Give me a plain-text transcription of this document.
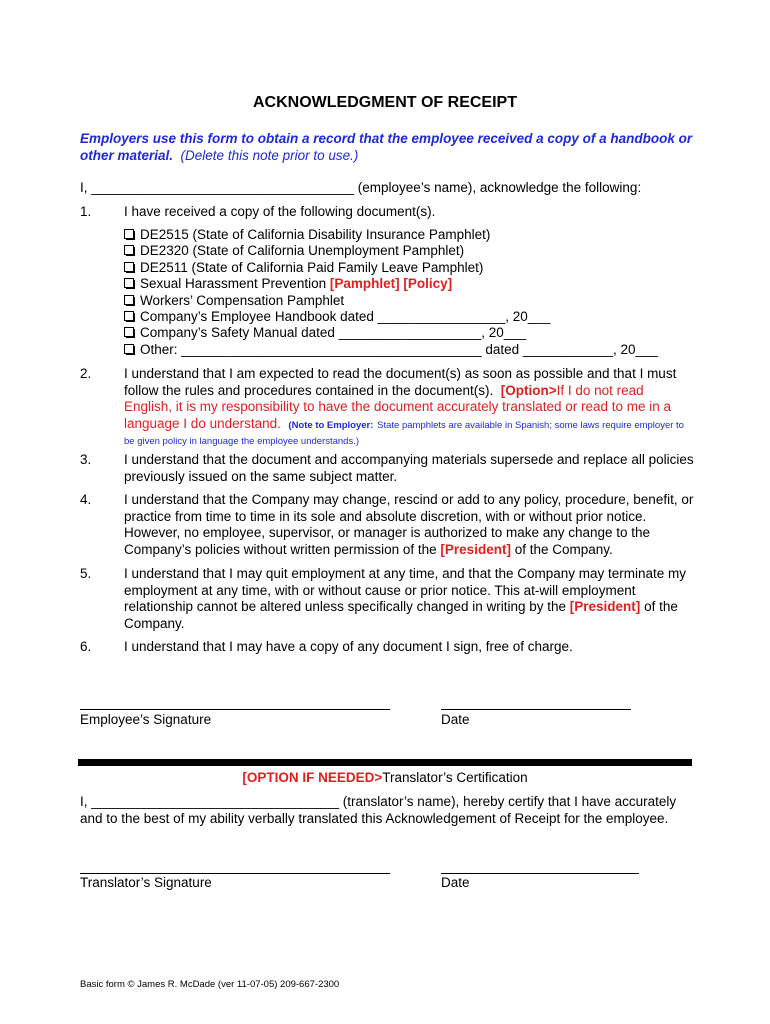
ACKNOWLEDGMENT OF RECEIPT
Employers use this form to obtain a record that the employee received a copy of a handbook or other material. (Delete this note prior to use.)
I, ___________________________________ (employee’s name), acknowledge the following:
1. I have received a copy of the following document(s).
DE2515 (State of California Disability Insurance Pamphlet)
DE2320 (State of California Unemployment Pamphlet)
DE2511 (State of California Paid Family Leave Pamphlet)
Sexual Harassment Prevention [Pamphlet] [Policy]
Workers’ Compensation Pamphlet
Company’s Employee Handbook dated _________________, 20___
Company’s Safety Manual dated ___________________, 20___
Other: ________________________________________ dated ____________, 20___
2. I understand that I am expected to read the document(s) as soon as possible and that I must follow the rules and procedures contained in the document(s). [Option>If I do not read English, it is my responsibility to have the document accurately translated or read to me in a language I do understand. (Note to Employer: State pamphlets are available in Spanish; some laws require employer to be given policy in language the employee understands.)
3. I understand that the document and accompanying materials supersede and replace all policies previously issued on the same subject matter.
4. I understand that the Company may change, rescind or add to any policy, procedure, benefit, or practice from time to time in its sole and absolute discretion, with or without prior notice. However, no employee, supervisor, or manager is authorized to make any change to the Company’s policies without written permission of the [President] of the Company.
5. I understand that I may quit employment at any time, and that the Company may terminate my employment at any time, with or without cause or prior notice. This at-will employment relationship cannot be altered unless specifically changed in writing by the [President] of the Company.
6. I understand that I may have a copy of any document I sign, free of charge.
Employee’s Signature	Date
[OPTION IF NEEDED>Translator’s Certification
I, _________________________________ (translator’s name), hereby certify that I have accurately and to the best of my ability verbally translated this Acknowledgement of Receipt for the employee.
Translator’s Signature	Date
Basic form © James R. McDade (ver 11-07-05) 209-667-2300
